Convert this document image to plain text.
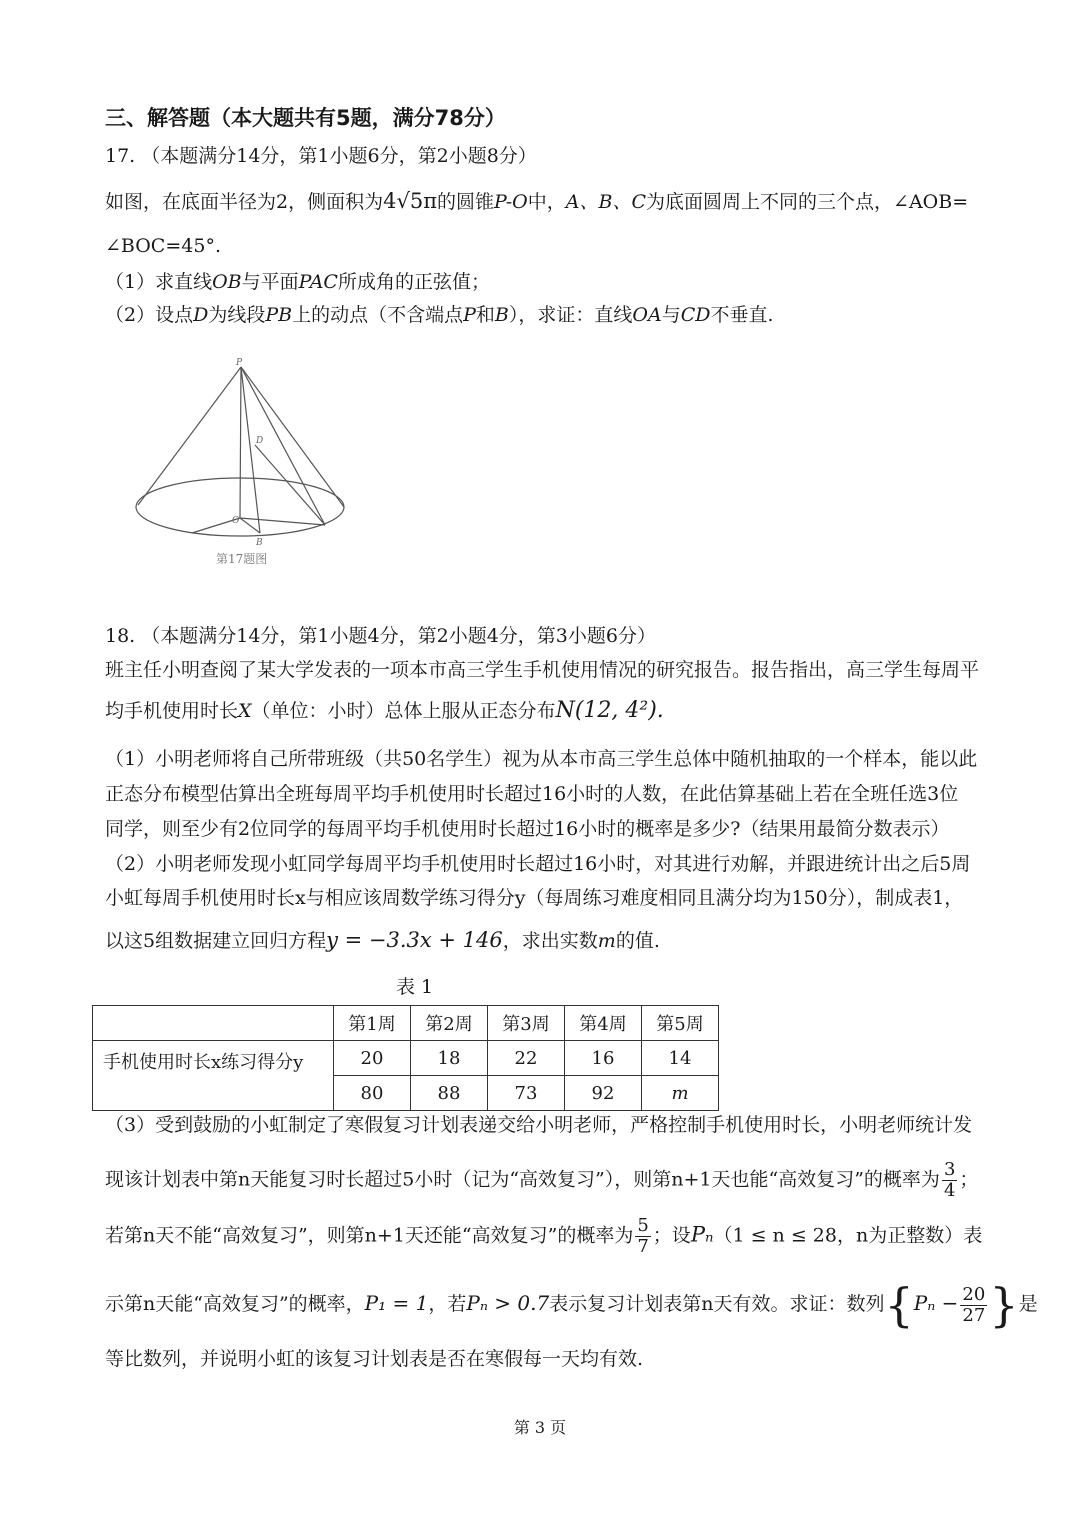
三、解答题（本大题共有5题，满分78分）
17. （本题满分14分，第1小题6分，第2小题8分）
如图，在底面半径为2，侧面积为4√5π的圆锥P-O中，A、B、C为底面圆周上不同的三个点，∠AOB=
∠BOC=45°.
（1）求直线OB与平面PAC所成角的正弦值；
（2）设点D为线段PB上的动点（不含端点P和B），求证：直线OA与CD不垂直.
P
D
O
B
第17题图
18. （本题满分14分，第1小题4分，第2小题4分，第3小题6分）
班主任小明查阅了某大学发表的一项本市高三学生手机使用情况的研究报告。报告指出，高三学生每周平
均手机使用时长X（单位：小时）总体上服从正态分布N(12, 4²).
（1）小明老师将自己所带班级（共50名学生）视为从本市高三学生总体中随机抽取的一个样本，能以此
正态分布模型估算出全班每周平均手机使用时长超过16小时的人数，在此估算基础上若在全班任选3位
同学，则至少有2位同学的每周平均手机使用时长超过16小时的概率是多少?（结果用最简分数表示）
（2）小明老师发现小虹同学每周平均手机使用时长超过16小时，对其进行劝解，并跟进统计出之后5周
小虹每周手机使用时长x与相应该周数学练习得分y（每周练习难度相同且满分均为150分），制成表1，
以这5组数据建立回归方程y = −3.3x + 146，求出实数m的值.
表 1
	第1周	第2周	第3周	第4周	第5周
手机使用时长x练习得分y	20	18	22	16	14
	80	88	73	92	m
（3）受到鼓励的小虹制定了寒假复习计划表递交给小明老师，严格控制手机使用时长，小明老师统计发
现该计划表中第n天能复习时长超过5小时（记为“高效复习”），则第n+1天也能“高效复习”的概率为 $\frac{3}{4}$ ；
若第n天不能“高效复习”，则第n+1天还能“高效复习”的概率为 $\frac{5}{7}$ ；设Pₙ（1 ≤ n ≤ 28，n为正整数）表
示第n天能“高效复习”的概率，P₁ = 1，若Pₙ > 0.7表示复习计划表第n天有效。求证：数列{$P_n - \frac{20}{27}$ }是
等比数列，并说明小虹的该复习计划表是否在寒假每一天均有效.
第 3 页
